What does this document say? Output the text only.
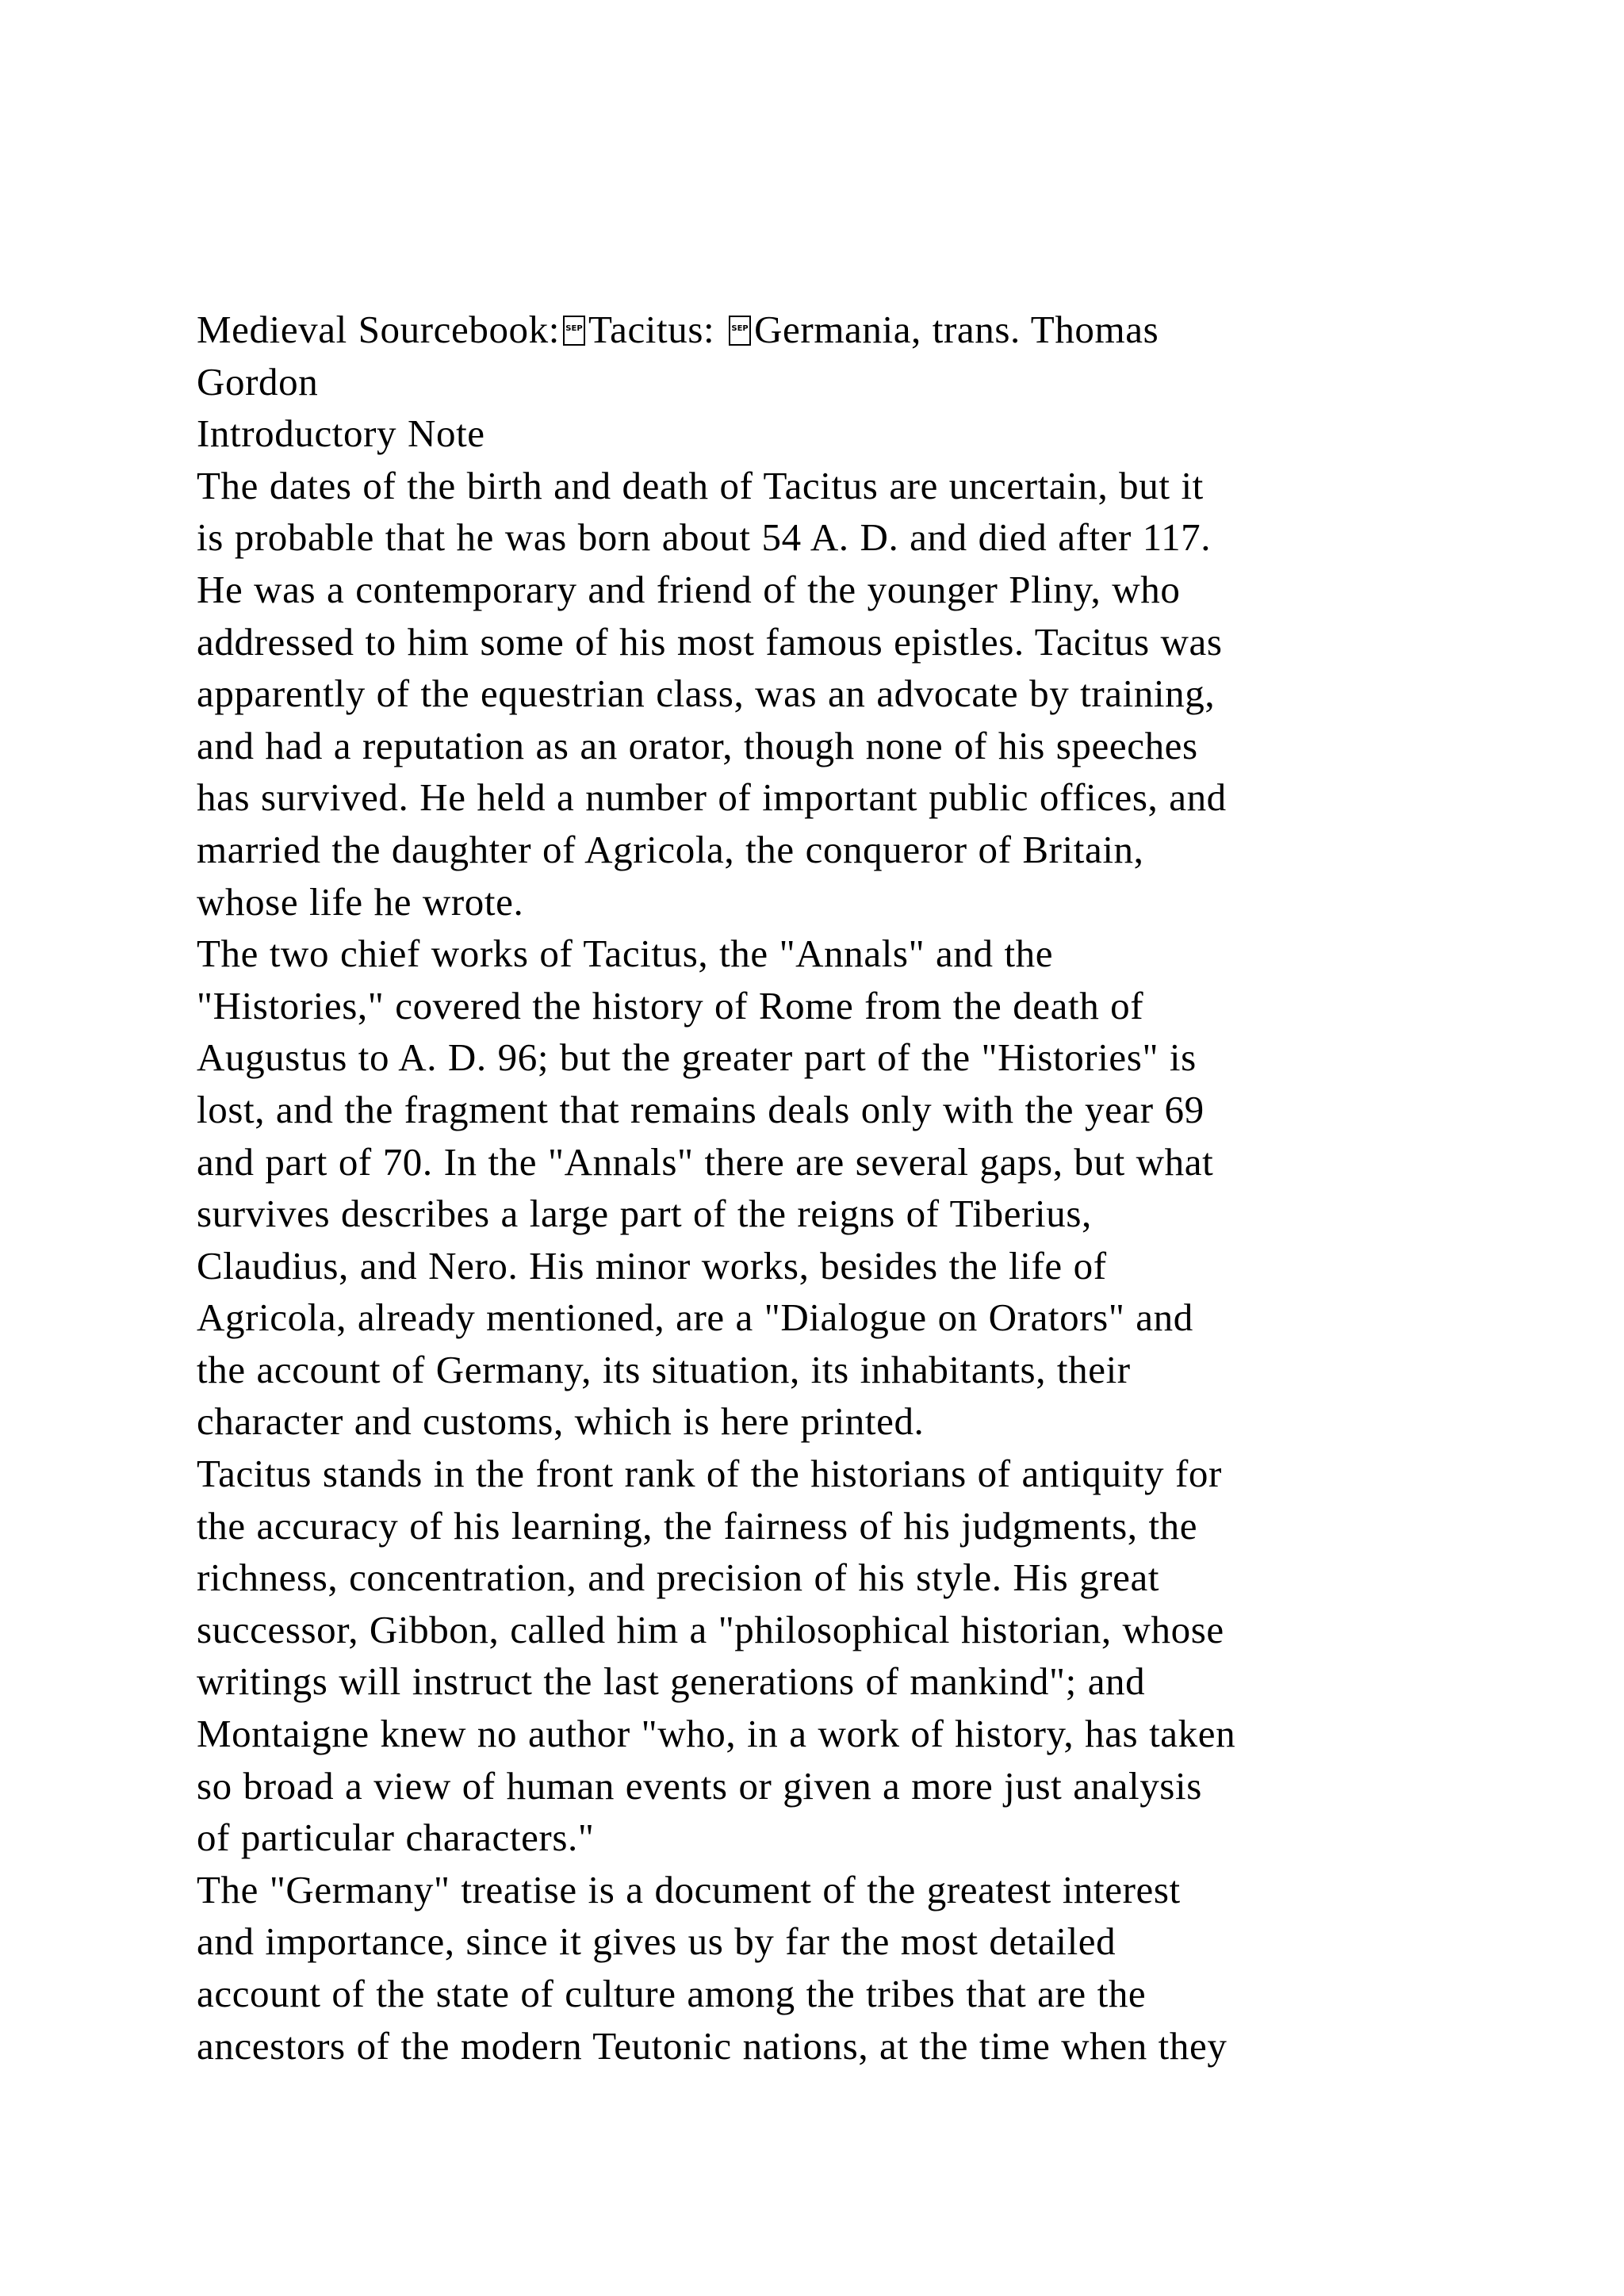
Medieval Sourcebook: SEP Tacitus: SEP Germania, trans. Thomas
Gordon
Introductory Note
The dates of the birth and death of Tacitus are uncertain, but it
is probable that he was born about 54 A. D. and died after 117.
He was a contemporary and friend of the younger Pliny, who
addressed to him some of his most famous epistles. Tacitus was
apparently of the equestrian class, was an advocate by training,
and had a reputation as an orator, though none of his speeches
has survived. He held a number of important public offices, and
married the daughter of Agricola, the conqueror of Britain,
whose life he wrote.
The two chief works of Tacitus, the "Annals" and the
"Histories," covered the history of Rome from the death of
Augustus to A. D. 96; but the greater part of the "Histories" is
lost, and the fragment that remains deals only with the year 69
and part of 70. In the "Annals" there are several gaps, but what
survives describes a large part of the reigns of Tiberius,
Claudius, and Nero. His minor works, besides the life of
Agricola, already mentioned, are a "Dialogue on Orators" and
the account of Germany, its situation, its inhabitants, their
character and customs, which is here printed.
Tacitus stands in the front rank of the historians of antiquity for
the accuracy of his learning, the fairness of his judgments, the
richness, concentration, and precision of his style. His great
successor, Gibbon, called him a "philosophical historian, whose
writings will instruct the last generations of mankind"; and
Montaigne knew no author "who, in a work of history, has taken
so broad a view of human events or given a more just analysis
of particular characters."
The "Germany" treatise is a document of the greatest interest
and importance, since it gives us by far the most detailed
account of the state of culture among the tribes that are the
ancestors of the modern Teutonic nations, at the time when they
